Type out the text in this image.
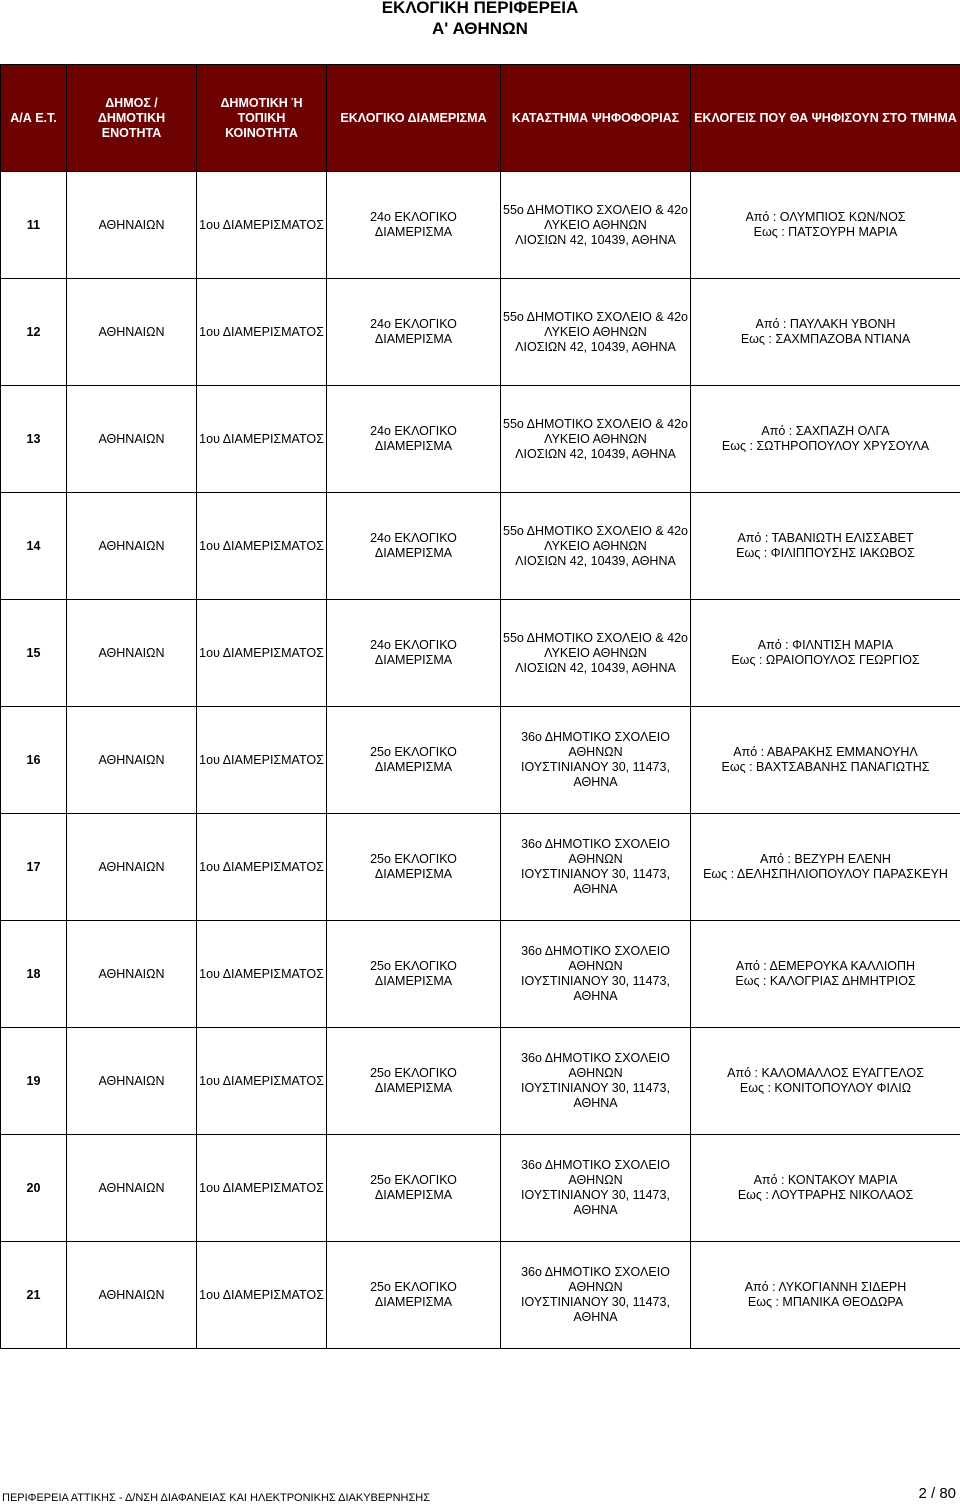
ΕΚΛΟΓΙΚΗ ΠΕΡΙΦΕΡΕΙΑ
Α' ΑΘΗΝΩΝ
Α/Α Ε.Τ.	ΔΗΜΟΣ /
ΔΗΜΟΤΙΚΗ ΕΝΟΤΗΤΑ	ΔΗΜΟΤΙΚΗ Ή ΤΟΠΙΚΗ
ΚΟΙΝΟΤΗΤΑ	ΕΚΛΟΓΙΚΟ ΔΙΑΜΕΡΙΣΜΑ	ΚΑΤΑΣΤΗΜΑ ΨΗΦΟΦΟΡΙΑΣ	ΕΚΛΟΓΕΙΣ ΠΟΥ ΘΑ ΨΗΦΙΣΟΥΝ ΣΤΟ ΤΜΗΜΑ

11	ΑΘΗΝΑΙΩΝ	1ου ΔΙΑΜΕΡΙΣΜΑΤΟΣ	24ο ΕΚΛΟΓΙΚΟ
ΔΙΑΜΕΡΙΣΜΑ	55ο ΔΗΜΟΤΙΚΟ ΣΧΟΛΕΙΟ & 42ο
ΛΥΚΕΙΟ ΑΘΗΝΩΝ
ΛΙΟΣΙΩΝ 42, 10439, ΑΘΗΝΑ	Από : ΟΛΥΜΠΙΟΣ ΚΩΝ/ΝΟΣ
Εως : ΠΑΤΣΟΥΡΗ ΜΑΡΙΑ

12	ΑΘΗΝΑΙΩΝ	1ου ΔΙΑΜΕΡΙΣΜΑΤΟΣ	24ο ΕΚΛΟΓΙΚΟ
ΔΙΑΜΕΡΙΣΜΑ	55ο ΔΗΜΟΤΙΚΟ ΣΧΟΛΕΙΟ & 42ο
ΛΥΚΕΙΟ ΑΘΗΝΩΝ
ΛΙΟΣΙΩΝ 42, 10439, ΑΘΗΝΑ	Από : ΠΑΥΛΑΚΗ ΥΒΟΝΗ
Εως : ΣΑΧΜΠΑΖΟΒΑ ΝΤΙΑΝΑ

13	ΑΘΗΝΑΙΩΝ	1ου ΔΙΑΜΕΡΙΣΜΑΤΟΣ	24ο ΕΚΛΟΓΙΚΟ
ΔΙΑΜΕΡΙΣΜΑ	55ο ΔΗΜΟΤΙΚΟ ΣΧΟΛΕΙΟ & 42ο
ΛΥΚΕΙΟ ΑΘΗΝΩΝ
ΛΙΟΣΙΩΝ 42, 10439, ΑΘΗΝΑ	Από : ΣΑΧΠΑΖΗ ΟΛΓΑ
Εως : ΣΩΤΗΡΟΠΟΥΛΟΥ ΧΡΥΣΟΥΛΑ

14	ΑΘΗΝΑΙΩΝ	1ου ΔΙΑΜΕΡΙΣΜΑΤΟΣ	24ο ΕΚΛΟΓΙΚΟ
ΔΙΑΜΕΡΙΣΜΑ	55ο ΔΗΜΟΤΙΚΟ ΣΧΟΛΕΙΟ & 42ο
ΛΥΚΕΙΟ ΑΘΗΝΩΝ
ΛΙΟΣΙΩΝ 42, 10439, ΑΘΗΝΑ	Από : ΤΑΒΑΝΙΩΤΗ ΕΛΙΣΣΑΒΕΤ
Εως : ΦΙΛΙΠΠΟΥΣΗΣ ΙΑΚΩΒΟΣ

15	ΑΘΗΝΑΙΩΝ	1ου ΔΙΑΜΕΡΙΣΜΑΤΟΣ	24ο ΕΚΛΟΓΙΚΟ
ΔΙΑΜΕΡΙΣΜΑ	55ο ΔΗΜΟΤΙΚΟ ΣΧΟΛΕΙΟ & 42ο
ΛΥΚΕΙΟ ΑΘΗΝΩΝ
ΛΙΟΣΙΩΝ 42, 10439, ΑΘΗΝΑ	Από : ΦΙΛΝΤΙΣΗ ΜΑΡΙΑ
Εως : ΩΡΑΙΟΠΟΥΛΟΣ ΓΕΩΡΓΙΟΣ

16	ΑΘΗΝΑΙΩΝ	1ου ΔΙΑΜΕΡΙΣΜΑΤΟΣ	25ο ΕΚΛΟΓΙΚΟ
ΔΙΑΜΕΡΙΣΜΑ	36ο ΔΗΜΟΤΙΚΟ ΣΧΟΛΕΙΟ
ΑΘΗΝΩΝ
ΙΟΥΣΤΙΝΙΑΝΟΥ 30, 11473, ΑΘΗΝΑ	Από : ΑΒΑΡΑΚΗΣ ΕΜΜΑΝΟΥΗΛ
Εως : ΒΑΧΤΣΑΒΑΝΗΣ ΠΑΝΑΓΙΩΤΗΣ

17	ΑΘΗΝΑΙΩΝ	1ου ΔΙΑΜΕΡΙΣΜΑΤΟΣ	25ο ΕΚΛΟΓΙΚΟ
ΔΙΑΜΕΡΙΣΜΑ	36ο ΔΗΜΟΤΙΚΟ ΣΧΟΛΕΙΟ
ΑΘΗΝΩΝ
ΙΟΥΣΤΙΝΙΑΝΟΥ 30, 11473, ΑΘΗΝΑ	Από : ΒΕΖΥΡΗ ΕΛΕΝΗ
Εως : ΔΕΛΗΣΠΗΛΙΟΠΟΥΛΟΥ ΠΑΡΑΣΚΕΥΗ

18	ΑΘΗΝΑΙΩΝ	1ου ΔΙΑΜΕΡΙΣΜΑΤΟΣ	25ο ΕΚΛΟΓΙΚΟ
ΔΙΑΜΕΡΙΣΜΑ	36ο ΔΗΜΟΤΙΚΟ ΣΧΟΛΕΙΟ
ΑΘΗΝΩΝ
ΙΟΥΣΤΙΝΙΑΝΟΥ 30, 11473, ΑΘΗΝΑ	Από : ΔΕΜΕΡΟΥΚΑ ΚΑΛΛΙΟΠΗ
Εως : ΚΑΛΟΓΡΙΑΣ ΔΗΜΗΤΡΙΟΣ

19	ΑΘΗΝΑΙΩΝ	1ου ΔΙΑΜΕΡΙΣΜΑΤΟΣ	25ο ΕΚΛΟΓΙΚΟ
ΔΙΑΜΕΡΙΣΜΑ	36ο ΔΗΜΟΤΙΚΟ ΣΧΟΛΕΙΟ
ΑΘΗΝΩΝ
ΙΟΥΣΤΙΝΙΑΝΟΥ 30, 11473, ΑΘΗΝΑ	Από : ΚΑΛΟΜΑΛΛΟΣ ΕΥΑΓΓΕΛΟΣ
Εως : ΚΟΝΙΤΟΠΟΥΛΟΥ ΦΙΛΙΩ

20	ΑΘΗΝΑΙΩΝ	1ου ΔΙΑΜΕΡΙΣΜΑΤΟΣ	25ο ΕΚΛΟΓΙΚΟ
ΔΙΑΜΕΡΙΣΜΑ	36ο ΔΗΜΟΤΙΚΟ ΣΧΟΛΕΙΟ
ΑΘΗΝΩΝ
ΙΟΥΣΤΙΝΙΑΝΟΥ 30, 11473, ΑΘΗΝΑ	Από : ΚΟΝΤΑΚΟΥ ΜΑΡΙΑ
Εως : ΛΟΥΤΡΑΡΗΣ ΝΙΚΟΛΑΟΣ

21	ΑΘΗΝΑΙΩΝ	1ου ΔΙΑΜΕΡΙΣΜΑΤΟΣ	25ο ΕΚΛΟΓΙΚΟ
ΔΙΑΜΕΡΙΣΜΑ	36ο ΔΗΜΟΤΙΚΟ ΣΧΟΛΕΙΟ
ΑΘΗΝΩΝ
ΙΟΥΣΤΙΝΙΑΝΟΥ 30, 11473, ΑΘΗΝΑ	Από : ΛΥΚΟΓΙΑΝΝΗ ΣΙΔΕΡΗ
Εως : ΜΠΑΝΙΚΑ ΘΕΟΔΩΡΑ
ΠΕΡΙΦΕΡΕΙΑ ΑΤΤΙΚΗΣ - Δ/ΝΣΗ ΔΙΑΦΑΝΕΙΑΣ ΚΑΙ ΗΛΕΚΤΡΟΝΙΚΗΣ ΔΙΑΚΥΒΕΡΝΗΣΗΣ	2 / 80
